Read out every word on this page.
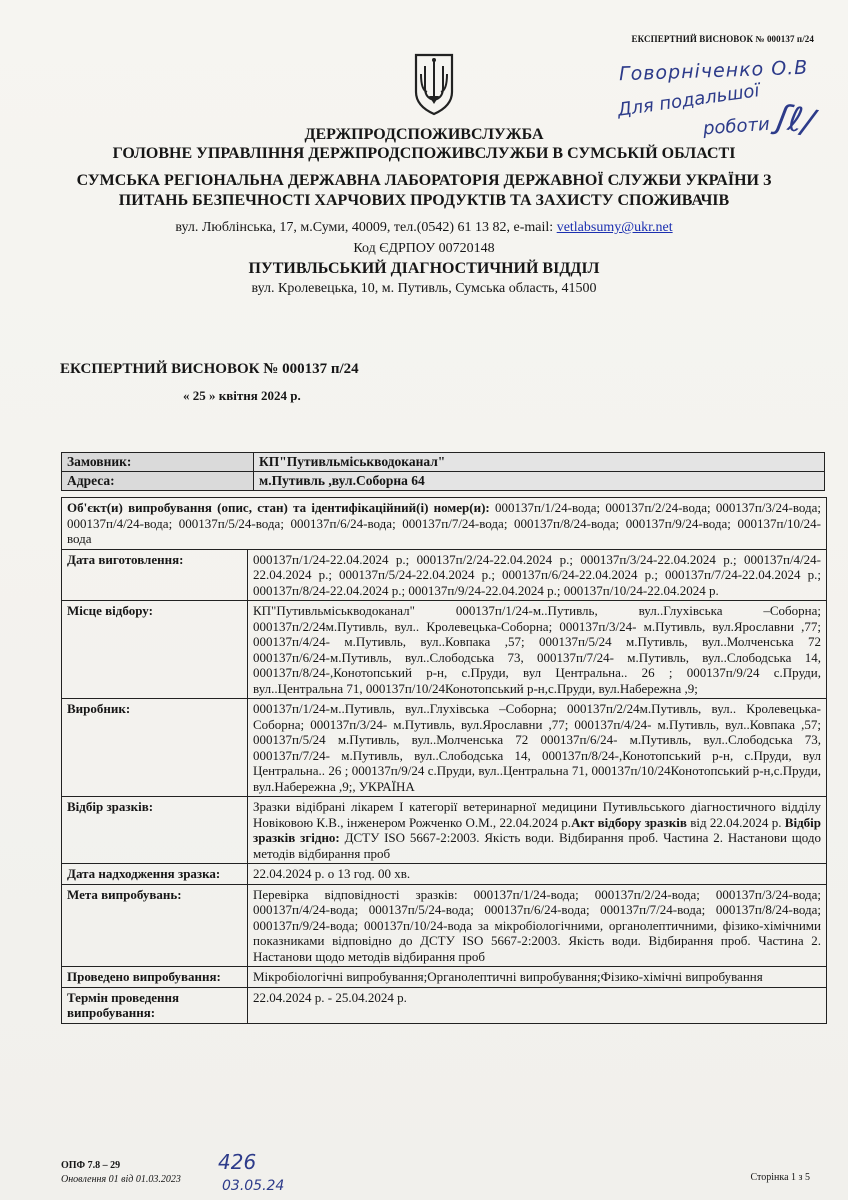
ЕКСПЕРТНИЙ ВИСНОВОК № 000137 п/24
Говорніченко О.В
Для подальшої
роботи ʃℓ/
ДЕРЖПРОДСПОЖИВСЛУЖБА
ГОЛОВНЕ УПРАВЛІННЯ ДЕРЖПРОДСПОЖИВСЛУЖБИ В СУМСЬКІЙ ОБЛАСТІ
СУМСЬКА РЕГІОНАЛЬНА ДЕРЖАВНА ЛАБОРАТОРІЯ ДЕРЖАВНОЇ СЛУЖБИ УКРАЇНИ З ПИТАНЬ БЕЗПЕЧНОСТІ ХАРЧОВИХ ПРОДУКТІВ ТА ЗАХИСТУ СПОЖИВАЧІВ
вул. Люблінська, 17, м.Суми, 40009, тел.(0542) 61 13 82, e-mail: vetlabsumy@ukr.net
Код ЄДРПОУ 00720148
ПУТИВЛЬСЬКИЙ ДІАГНОСТИЧНИЙ ВІДДІЛ
вул. Кролевецька, 10, м. Путивль, Сумська область, 41500
ЕКСПЕРТНИЙ ВИСНОВОК № 000137 п/24
« 25 » квітня 2024 р.
Замовник:	КП"Путивльміськводоканал"
Адреса:	м.Путивль ,вул.Соборна 64
Об'єкт(и) випробування (опис, стан) та ідентифікаційний(і) номер(и): 000137п/1/24-вода; 000137п/2/24-вода; 000137п/3/24-вода; 000137п/4/24-вода; 000137п/5/24-вода; 000137п/6/24-вода; 000137п/7/24-вода; 000137п/8/24-вода; 000137п/9/24-вода; 000137п/10/24-вода
Дата виготовлення:	000137п/1/24-22.04.2024 р.; 000137п/2/24-22.04.2024 р.; 000137п/3/24-22.04.2024 р.; 000137п/4/24-22.04.2024 р.; 000137п/5/24-22.04.2024 р.; 000137п/6/24-22.04.2024 р.; 000137п/7/24-22.04.2024 р.; 000137п/8/24-22.04.2024 р.; 000137п/9/24-22.04.2024 р.; 000137п/10/24-22.04.2024 р.
Місце відбору:	КП"Путивльміськводоканал" 000137п/1/24-м..Путивль, вул..Глухівська –Соборна; 000137п/2/24м.Путивль, вул.. Кролевецька-Соборна; 000137п/3/24- м.Путивль, вул.Ярославни ,77; 000137п/4/24- м.Путивль, вул..Ковпака ,57; 000137п/5/24 м.Путивль, вул..Молченська 72 000137п/6/24-м.Путивль, вул..Слободська 73, 000137п/7/24- м.Путивль, вул..Слободська 14, 000137п/8/24-,Конотопський р-н, с.Пруди, вул Центральна.. 26 ; 000137п/9/24 с.Пруди, вул..Центральна 71, 000137п/10/24Конотопський р-н,с.Пруди, вул.Набережна ,9;
Виробник:	000137п/1/24-м..Путивль, вул..Глухівська –Соборна; 000137п/2/24м.Путивль, вул.. Кролевецька-Соборна; 000137п/3/24- м.Путивль, вул.Ярославни ,77; 000137п/4/24- м.Путивль, вул..Ковпака ,57; 000137п/5/24 м.Путивль, вул..Молченська 72 000137п/6/24- м.Путивль, вул..Слободська 73, 000137п/7/24- м.Путивль, вул..Слободська 14, 000137п/8/24-,Конотопський р-н, с.Пруди, вул Центральна.. 26 ; 000137п/9/24 с.Пруди, вул..Центральна 71, 000137п/10/24Конотопський р-н,с.Пруди, вул.Набережна ,9;, УКРАЇНА
Відбір зразків:	Зразки відібрані лікарем I категорії ветеринарної медицини Путивльського діагностичного відділу Новіковою К.В., інженером Рожченко О.М., 22.04.2024 р.Акт відбору зразків від 22.04.2024 р. Відбір зразків згідно: ДСТУ ISO 5667-2:2003. Якість води. Відбирання проб. Частина 2. Настанови щодо методів відбирання проб
Дата надходження зразка:	22.04.2024 р. о 13 год. 00 хв.
Мета випробувань:	Перевірка відповідності зразків: 000137п/1/24-вода; 000137п/2/24-вода; 000137п/3/24-вода; 000137п/4/24-вода; 000137п/5/24-вода; 000137п/6/24-вода; 000137п/7/24-вода; 000137п/8/24-вода; 000137п/9/24-вода; 000137п/10/24-вода за мікробіологічними, органолептичними, фізико-хімічними показниками відповідно до ДСТУ ISO 5667-2:2003. Якість води. Відбирання проб. Частина 2. Настанови щодо методів відбирання проб
Проведено випробування:	Мікробіологічні випробування;Органолептичні випробування;Фізико-хімічні випробування
Термін проведення випробування:
22.04.2024 р. - 25.04.2024 р.
ОПФ 7.8 – 29
Оновлення 01 від 01.03.2023
426
03.05.24
Сторінка 1 з 5
